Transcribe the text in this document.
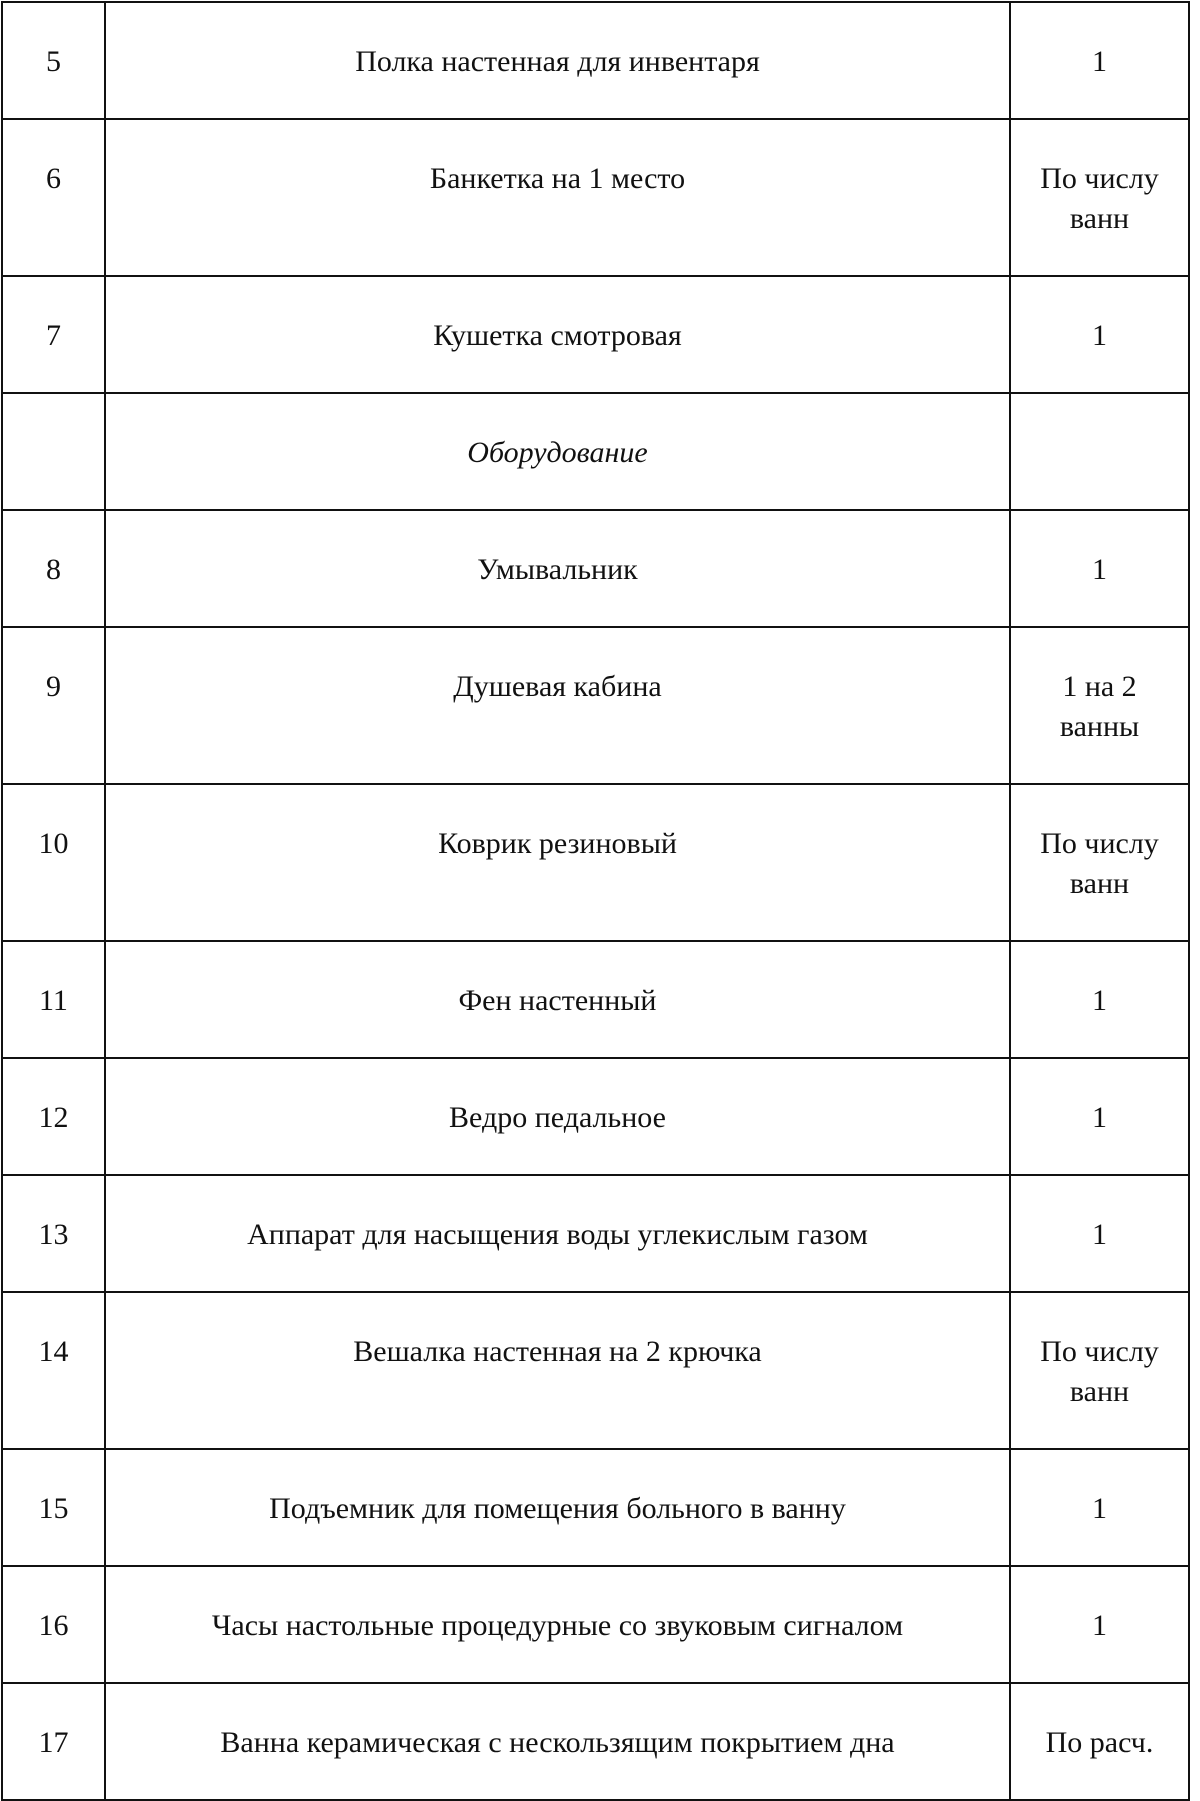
5	Полка настенная для инвентаря	1

6	Банкетка на 1 место	По числу
ванн

7	Кушетка смотровая	1

	Оборудование	

8	Умывальник	1

9	Душевая кабина	1 на 2
ванны

10	Коврик резиновый	По числу
ванн

11	Фен настенный	1

12	Ведро педальное	1

13	Аппарат для насыщения воды углекислым газом	1

14	Вешалка настенная на 2 крючка	По числу
ванн

15	Подъемник для помещения больного в ванну	1

16	Часы настольные процедурные со звуковым сигналом	1

17	Ванна керамическая с нескользящим покрытием дна	По расч.
